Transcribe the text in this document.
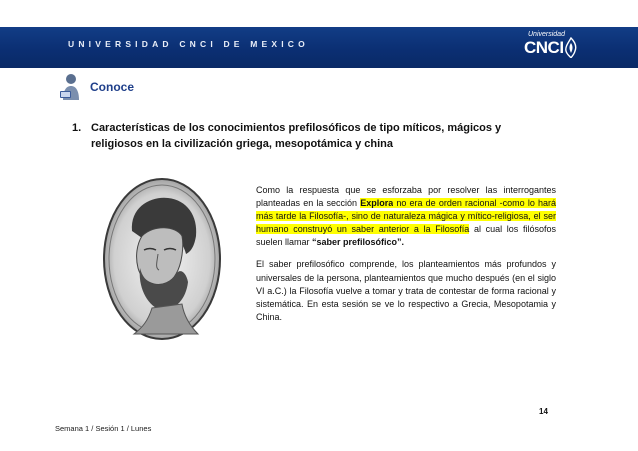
UNIVERSIDAD CNCI DE MEXICO
Universidad
CNCI
Conoce
1. Características de los conocimientos prefilosóficos de tipo míticos, mágicos y religiosos en la civilización griega, mesopotámica y china

Como la respuesta que se esforzaba por resolver las interrogantes planteadas en la sección Explora no era de orden racional -como lo hará más tarde la Filosofía-, sino de naturaleza mágica y mítico-religiosa, el ser humano construyó un saber anterior a la Filosofía al cual los filósofos suelen llamar “saber prefilosófico”.

El saber prefilosófico comprende, los planteamientos más profundos y universales de la persona, planteamientos que mucho después (en el siglo VI a.C.) la Filosofía vuelve a tomar y trata de contestar de forma racional y sistemática. En esta sesión se ve lo respectivo a Grecia, Mesopotamia y China.

14
Semana 1 / Sesión 1 / Lunes
